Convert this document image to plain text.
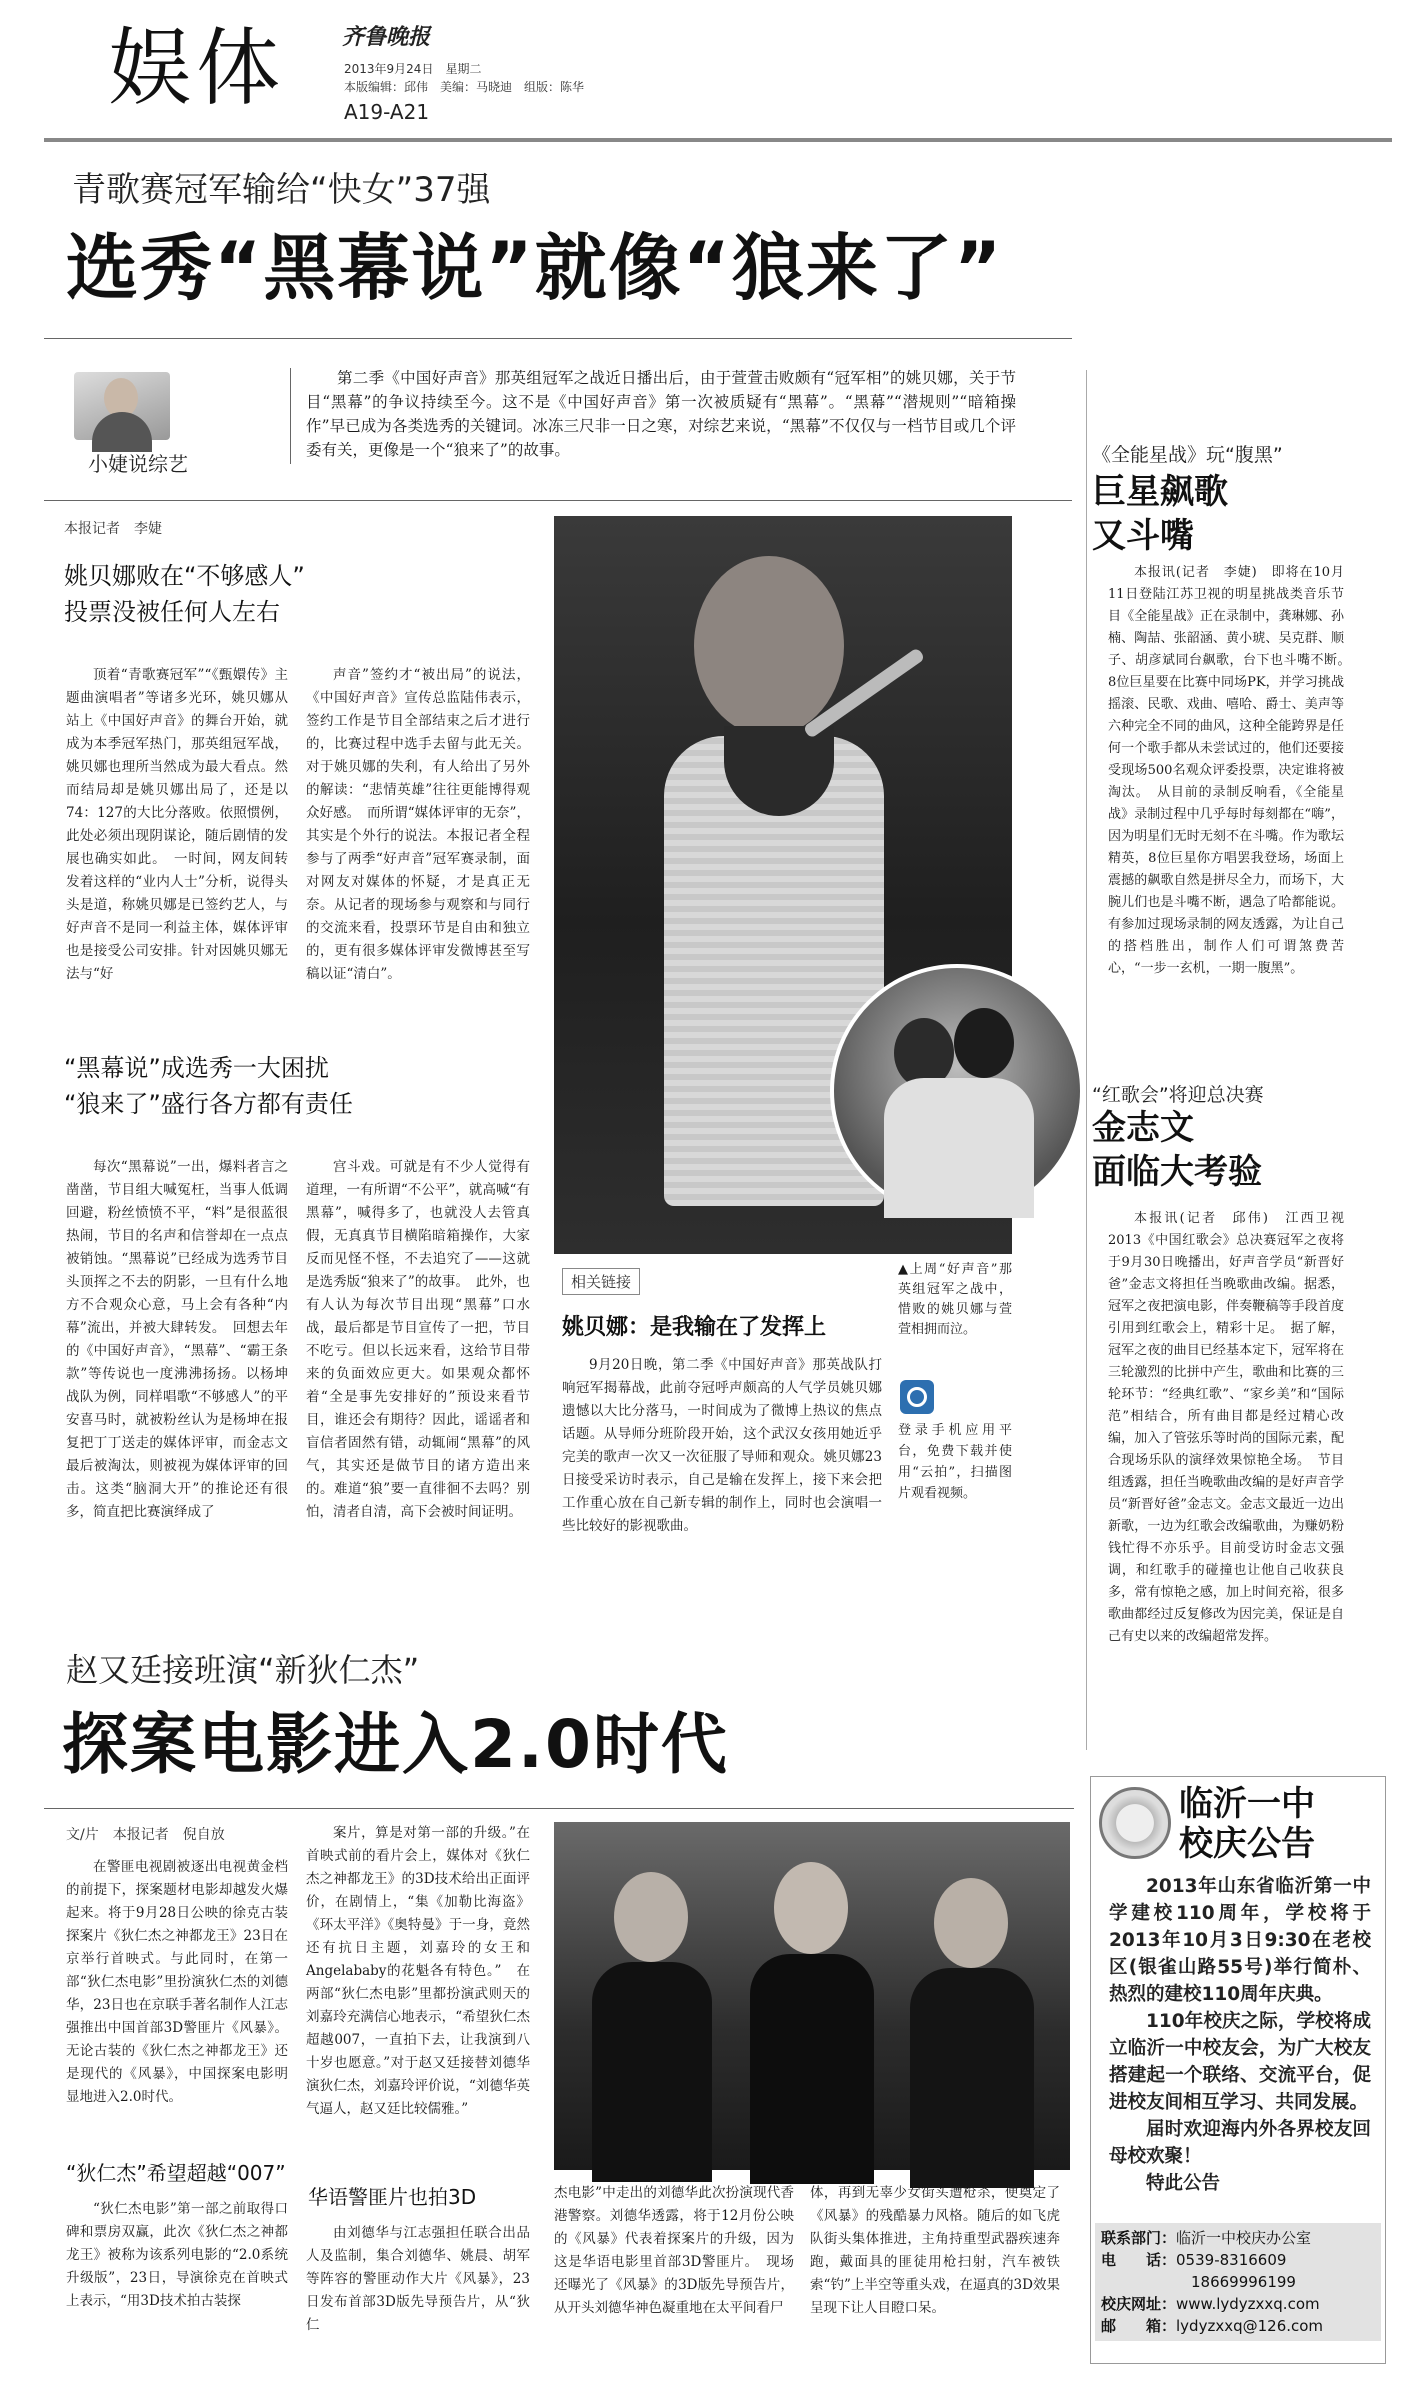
娱体	齐鲁晚报
2013年9月24日　星期二
本版编辑：邱伟　美编：马晓迪　组版：陈华
A19-A21
青歌赛冠军输给“快女”37强
选秀“黑幕说”就像“狼来了”
小婕说综艺

第二季《中国好声音》那英组冠军之战近日播出后，由于萱萱击败颇有“冠军相”的姚贝娜，关于节目“黑幕”的争议持续至今。这不是《中国好声音》第一次被质疑有“黑幕”。“黑幕”“潜规则”“暗箱操作”早已成为各类选秀的关键词。冰冻三尺非一日之寒，对综艺来说，“黑幕”不仅仅与一档节目或几个评委有关，更像是一个“狼来了”的故事。

本报记者　李婕
姚贝娜败在“不够感人”
投票没被任何人左右

顶着“青歌赛冠军”“《甄嬛传》主题曲演唱者”等诸多光环，姚贝娜从站上《中国好声音》的舞台开始，就成为本季冠军热门，那英组冠军战，姚贝娜也理所当然成为最大看点。然而结局却是姚贝娜出局了，还是以74：127的大比分落败。依照惯例，此处必须出现阴谋论，随后剧情的发展也确实如此。　一时间，网友间转发着这样的“业内人士”分析，说得头头是道，称姚贝娜是已签约艺人，与好声音不是同一利益主体，媒体评审也是接受公司安排。针对因姚贝娜无法与“好

声音”签约才“被出局”的说法，《中国好声音》宣传总监陆伟表示，签约工作是节目全部结束之后才进行的，比赛过程中选手去留与此无关。对于姚贝娜的失利，有人给出了另外的解读：“悲情英雄”往往更能博得观众好感。　而所谓“媒体评审的无奈”，其实是个外行的说法。本报记者全程参与了两季“好声音”冠军赛录制，面对网友对媒体的怀疑，才是真正无奈。从记者的现场参与观察和与同行的交流来看，投票环节是自由和独立的，更有很多媒体评审发微博甚至写稿以证“清白”。

“黑幕说”成选秀一大困扰
“狼来了”盛行各方都有责任

每次“黑幕说”一出，爆料者言之凿凿，节目组大喊冤枉，当事人低调回避，粉丝愤愤不平，“料”是很蓝很热闹，节目的名声和信誉却在一点点被销蚀。“黑幕说”已经成为选秀节目头顶挥之不去的阴影，一旦有什么地方不合观众心意，马上会有各种“内幕”流出，并被大肆转发。　回想去年的《中国好声音》，“黑幕”、“霸王条款”等传说也一度沸沸扬扬。以杨坤战队为例，同样唱歌“不够感人”的平安喜马时，就被粉丝认为是杨坤在报复把丁丁送走的媒体评审，而金志文最后被淘汰，则被视为媒体评审的回击。这类“脑洞大开”的推论还有很多，简直把比赛演绎成了

宫斗戏。可就是有不少人觉得有道理，一有所谓“不公平”，就高喊“有黑幕”，喊得多了，也就没人去管真假，无真真节目横陷暗箱操作，大家反而见怪不怪，不去追究了——这就是选秀版“狼来了”的故事。　此外，也有人认为每次节目出现“黑幕”口水战，最后都是节目宣传了一把，节目不吃亏。但以长远来看，这给节目带来的负面效应更大。如果观众都怀着“全是事先安排好的”预设来看节目，谁还会有期待？因此，谣谣者和盲信者固然有错，动辄闹“黑幕”的风气，其实还是做节目的诸方造出来的。难道“狼”要一直徘徊不去吗？别怕，清者自清，高下会被时间证明。

相关链接
姚贝娜：是我输在了发挥上

9月20日晚，第二季《中国好声音》那英战队打响冠军揭幕战，此前夺冠呼声颇高的人气学员姚贝娜遗憾以大比分落马，一时间成为了微博上热议的焦点话题。从导师分班阶段开始，这个武汉女孩用她近乎完美的歌声一次又一次征服了导师和观众。姚贝娜23日接受采访时表示，自己是输在发挥上，接下来会把工作重心放在自己新专辑的制作上，同时也会演唱一些比较好的影视歌曲。

▲上周“好声音”那英组冠军之战中，惜败的姚贝娜与萱萱相拥而泣。

登录手机应用平台，免费下载并使用“云拍”，扫描图片观看视频。

《全能星战》玩“腹黑”
巨星飙歌
又斗嘴

本报讯(记者　李婕)　即将在10月11日登陆江苏卫视的明星挑战类音乐节目《全能星战》正在录制中，龚琳娜、孙楠、陶喆、张韶涵、黄小琥、吴克群、顺子、胡彦斌同台飙歌，台下也斗嘴不断。　8位巨星要在比赛中同场PK，并学习挑战摇滚、民歌、戏曲、嘻哈、爵士、美声等六种完全不同的曲风，这种全能跨界是任何一个歌手都从未尝试过的，他们还要接受现场500名观众评委投票，决定谁将被淘汰。　从目前的录制反响看，《全能星战》录制过程中几乎每时每刻都在“嗨”，因为明星们无时无刻不在斗嘴。作为歌坛精英，8位巨星你方唱罢我登场，场面上震撼的飙歌自然是拼尽全力，而场下，大腕儿们也是斗嘴不断，遇急了哈都能说。有参加过现场录制的网友透露，为让自己的搭档胜出，制作人们可谓煞费苦心，“一步一玄机，一期一腹黑”。

“红歌会”将迎总决赛
金志文
面临大考验

本报讯(记者　邱伟)　江西卫视2013《中国红歌会》总决赛冠军之夜将于9月30日晚播出，好声音学员“新晋好爸”金志文将担任当晚歌曲改编。据悉，冠军之夜把演电影，伴奏鞭稿等手段首度引用到红歌会上，精彩十足。　据了解，冠军之夜的曲目已经基本定下，冠军将在三轮激烈的比拼中产生，歌曲和比赛的三轮环节：“经典红歌”、“家乡美”和“国际范”相结合，所有曲目都是经过精心改编，加入了管弦乐等时尚的国际元素，配合现场乐队的演绎效果惊艳全场。　节目组透露，担任当晚歌曲改编的是好声音学员“新晋好爸”金志文。金志文最近一边出新歌，一边为红歌会改编歌曲，为赚奶粉钱忙得不亦乐乎。目前受访时金志文强调，和红歌手的碰撞也让他自己收获良多，常有惊艳之感，加上时间充裕，很多歌曲都经过反复修改为因完美，保证是自己有史以来的改编超常发挥。

赵又廷接班演“新狄仁杰”
探案电影进入2.0时代
文/片　本报记者　倪自放

在警匪电视剧被逐出电视黄金档的前提下，探案题材电影却越发火爆起来。将于9月28日公映的徐克古装探案片《狄仁杰之神都龙王》23日在京举行首映式。与此同时，在第一部“狄仁杰电影”里扮演狄仁杰的刘德华，23日也在京联手著名制作人江志强推出中国首部3D警匪片《风暴》。无论古装的《狄仁杰之神都龙王》还是现代的《风暴》，中国探案电影明显地进入2.0时代。

“狄仁杰”希望超越“007”

“狄仁杰电影”第一部之前取得口碑和票房双赢，此次《狄仁杰之神都龙王》被称为该系列电影的“2.0系统升级版”，23日，导演徐克在首映式上表示，“用3D技术拍古装探

案片，算是对第一部的升级。”在首映式前的看片会上，媒体对《狄仁杰之神都龙王》的3D技术给出正面评价，在剧情上，“集《加勒比海盗》《环太平洋》《奥特曼》于一身，竟然还有抗日主题，刘嘉玲的女王和Angelababy的花魁各有特色。”　在两部“狄仁杰电影”里都扮演武则天的刘嘉玲充满信心地表示，“希望狄仁杰超越007，一直拍下去，让我演到八十岁也愿意。”对于赵又廷接替刘德华演狄仁杰，刘嘉玲评价说，“刘德华英气逼人，赵又廷比较儒雅。”

华语警匪片也拍3D

由刘德华与江志强担任联合出品人及监制，集合刘德华、姚晨、胡军等阵容的警匪动作大片《风暴》，23日发布首部3D版先导预告片，从“狄仁

杰电影”中走出的刘德华此次扮演现代香港警察。刘德华透露，将于12月份公映的《风暴》代表着探案片的升级，因为这是华语电影里首部3D警匪片。　现场还曝光了《风暴》的3D版先导预告片，从开头刘德华神色凝重地在太平间看尸

体，再到无辜少女街头遭枪杀，便奠定了《风暴》的残酷暴力风格。随后的如飞虎队街头集体推进，主角持重型武器疾速奔跑，戴面具的匪徒用枪扫射，汽车被铁索“钓”上半空等重头戏，在逼真的3D效果呈现下让人目瞪口呆。

临沂一中
校庆公告

2013年山东省临沂第一中学建校110周年，学校将于2013年10月3日9:30在老校区(银雀山路55号)举行简朴、热烈的建校110周年庆典。

110年校庆之际，学校将成立临沂一中校友会，为广大校友搭建起一个联络、交流平台，促进校友间相互学习、共同发展。

届时欢迎海内外各界校友回母校欢聚！

特此公告

联系部门：临沂一中校庆办公室
电　　话：0539-8316609
18669996199
校庆网址：www.lydyzxxq.com
邮　　箱：lydyzxxq@126.com
